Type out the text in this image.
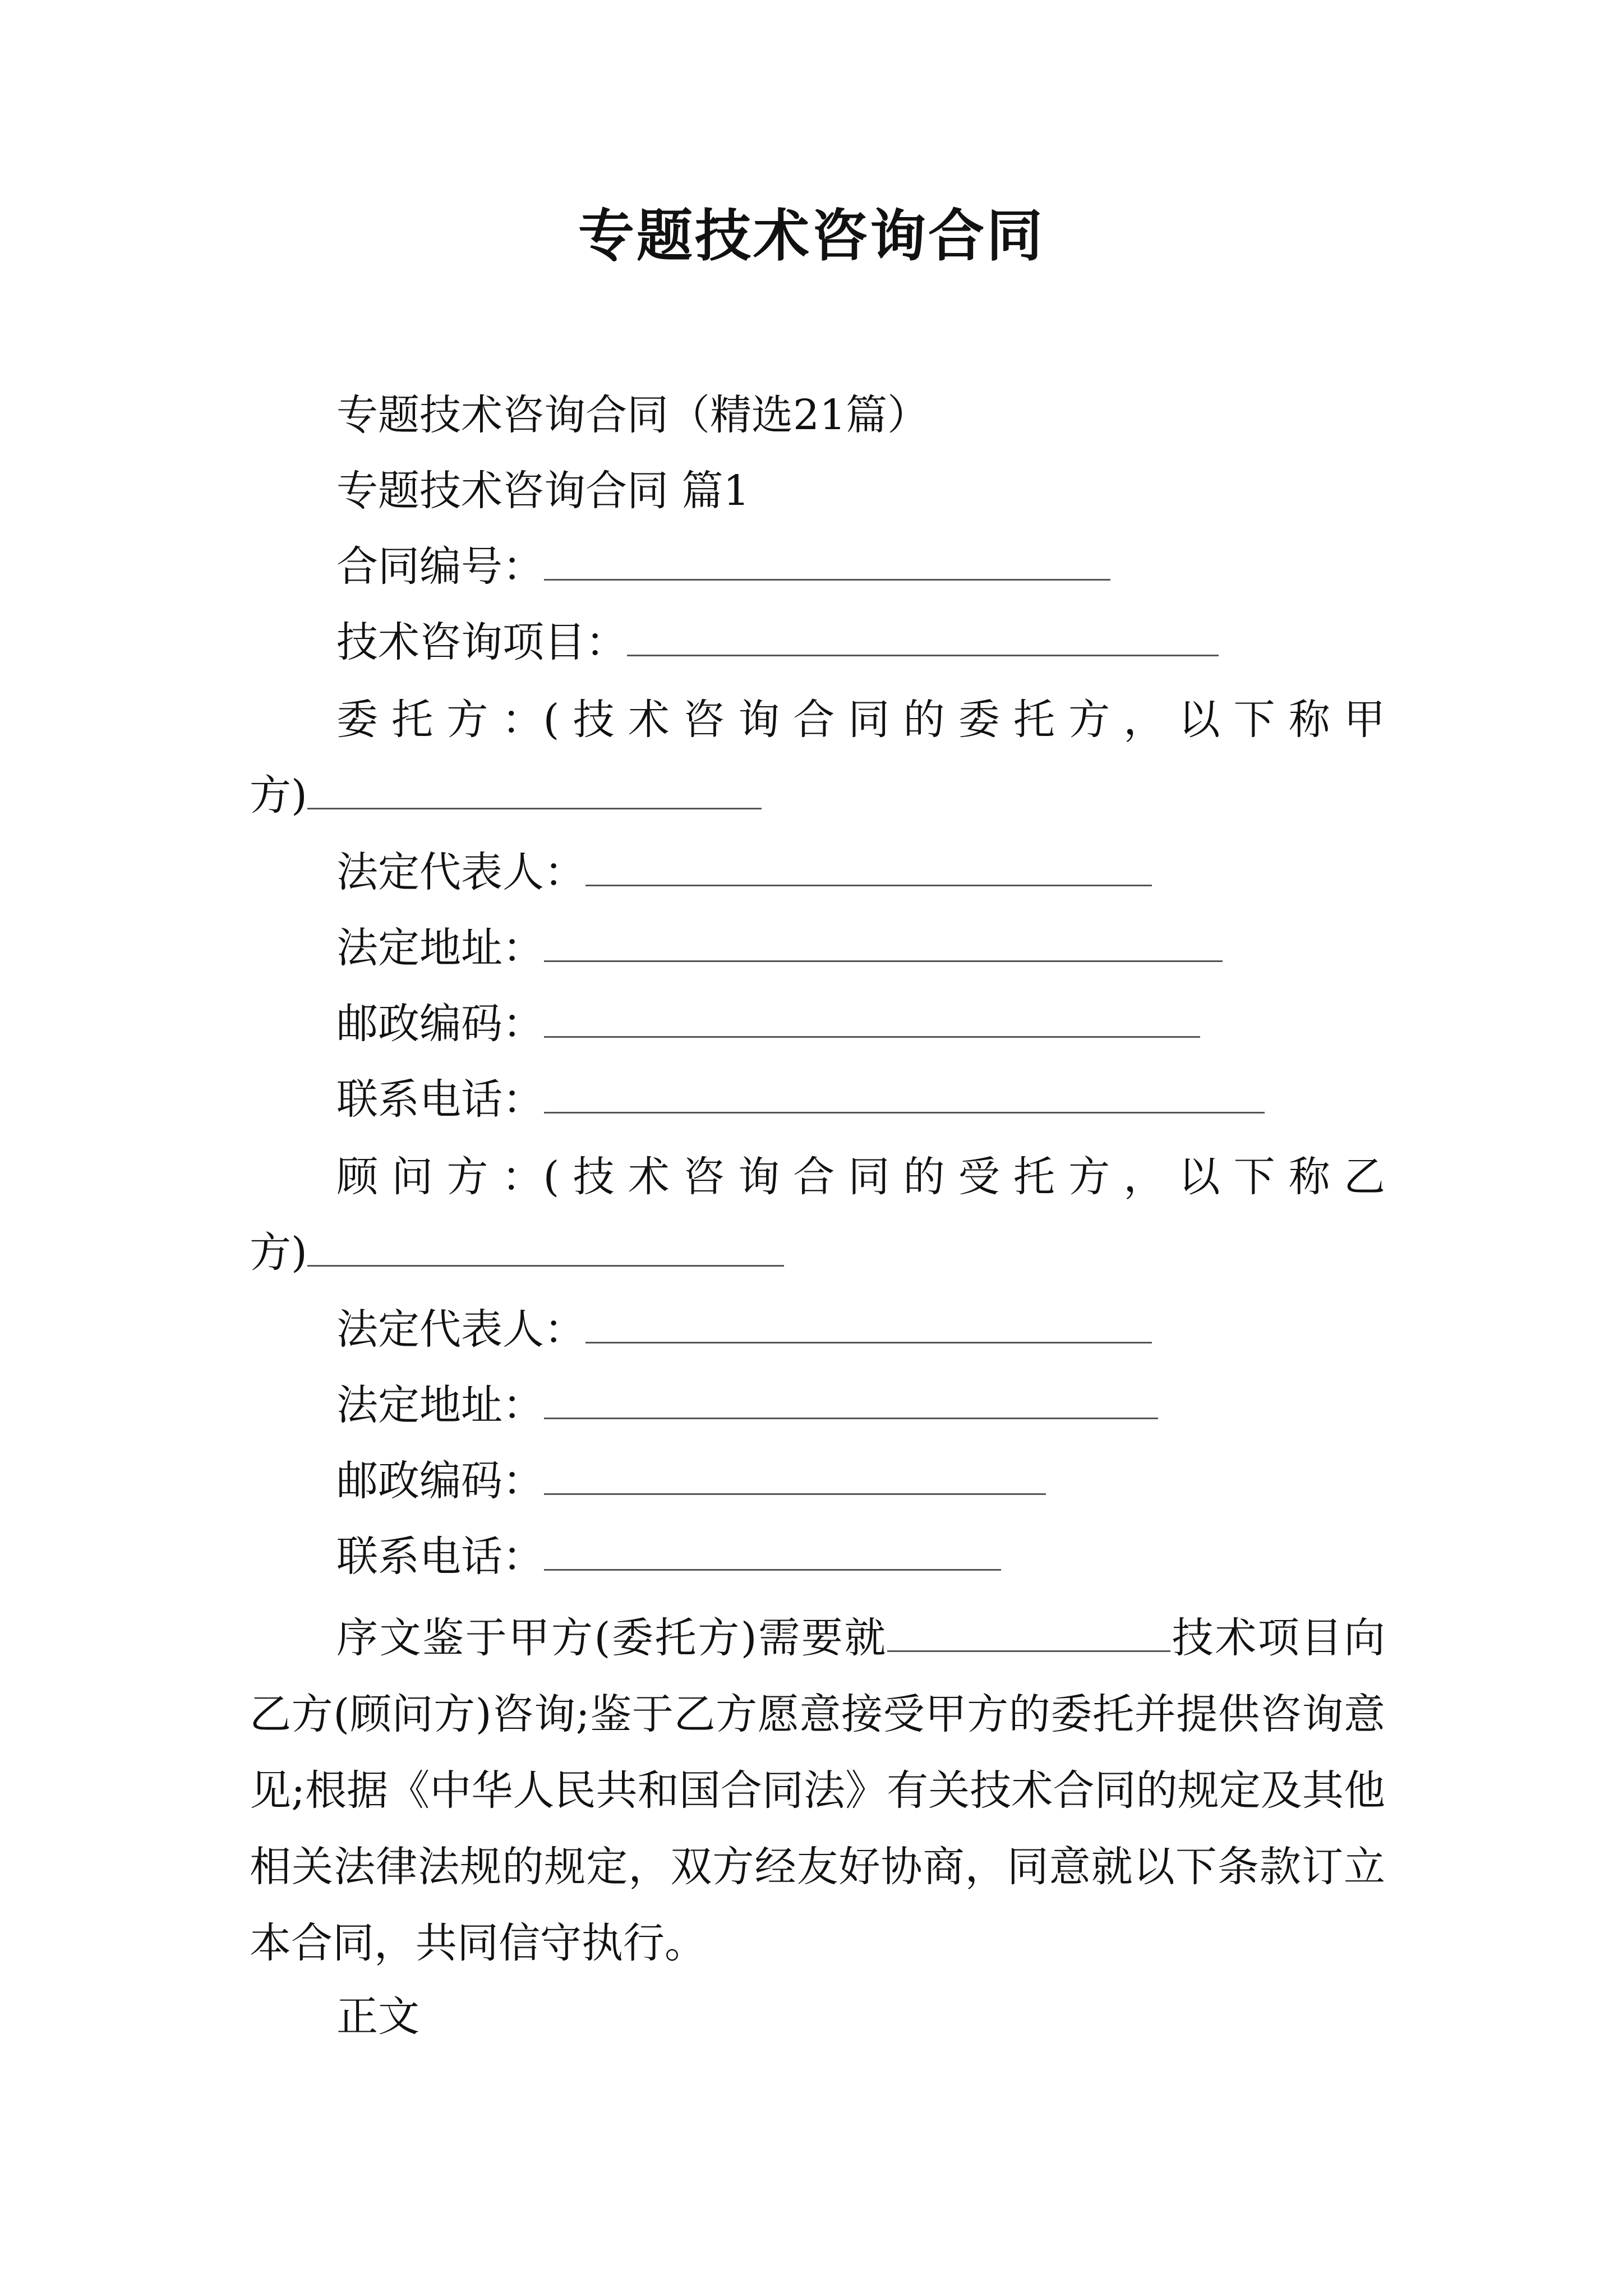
专题技术咨询合同
专题技术咨询合同（精选21篇）
专题技术咨询合同 篇1
合同编号：
技术咨询项目：
委 托 方 ：( 技 术 咨 询 合 同 的 委 托 方 ， 以 下 称 甲
方)
法定代表人：
法定地址：
邮政编码：
联系电话：
顾 问 方 ：( 技 术 咨 询 合 同 的 受 托 方 ， 以 下 称 乙
方)
法定代表人：
法定地址：
邮政编码：
联系电话：

序文鉴于甲方(委托方)需要就	技术项目向乙方(顾问方)咨询;鉴于乙方愿意接受甲方的委托并提供咨询意见;根据《中华人民共和国合同法》有关技术合同的规定及其他相关法律法规的规定，双方经友好协商，同意就以下条款订立本合同，共同信守执行。

正文
